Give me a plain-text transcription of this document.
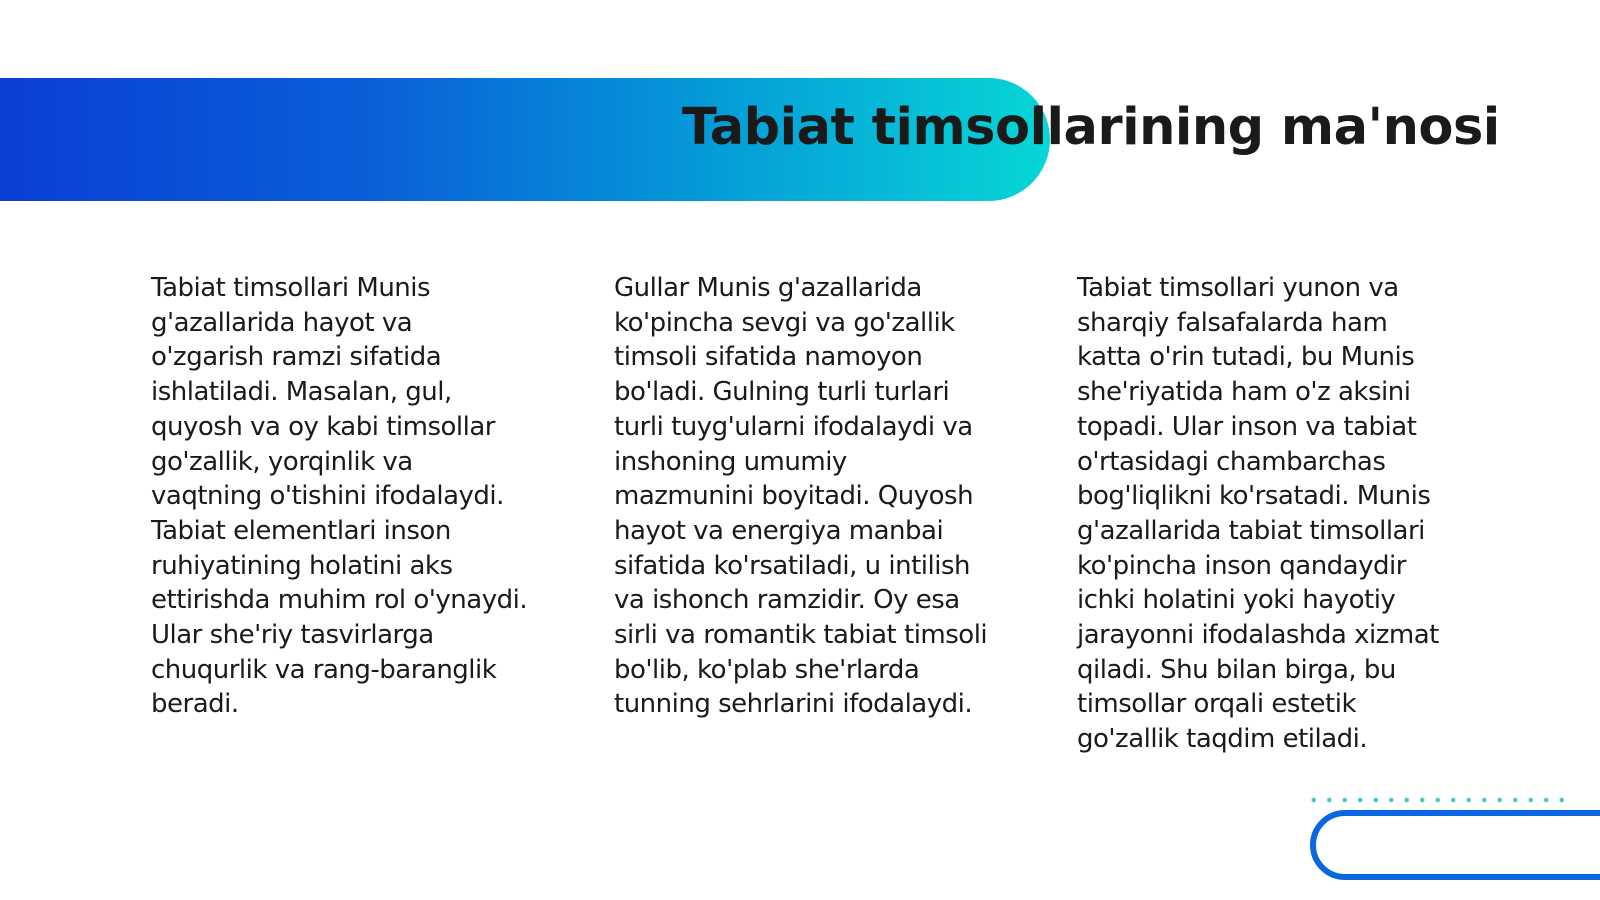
Tabiat timsollarining ma'nosi

Tabiat timsollari Munis g'azallarida hayot va o'zgarish ramzi sifatida ishlatiladi. Masalan, gul, quyosh va oy kabi timsollar go'zallik, yorqinlik va vaqtning o'tishini ifodalaydi. Tabiat elementlari inson ruhiyatining holatini aks ettirishda muhim rol o'ynaydi. Ular she'riy tasvirlarga chuqurlik va rang-baranglik beradi.

Gullar Munis g'azallarida ko'pincha sevgi va go'zallik timsoli sifatida namoyon bo'ladi. Gulning turli turlari turli tuyg'ularni ifodalaydi va inshoning umumiy mazmunini boyitadi. Quyosh hayot va energiya manbai sifatida ko'rsatiladi, u intilish va ishonch ramzidir. Oy esa sirli va romantik tabiat timsoli bo'lib, ko'plab she'rlarda tunning sehrlarini ifodalaydi.

Tabiat timsollari yunon va sharqiy falsafalarda ham katta o'rin tutadi, bu Munis she'riyatida ham o'z aksini topadi. Ular inson va tabiat o'rtasidagi chambarchas bog'liqlikni ko'rsatadi. Munis g'azallarida tabiat timsollari ko'pincha inson qandaydir ichki holatini yoki hayotiy jarayonni ifodalashda xizmat qiladi. Shu bilan birga, bu timsollar orqali estetik go'zallik taqdim etiladi.
